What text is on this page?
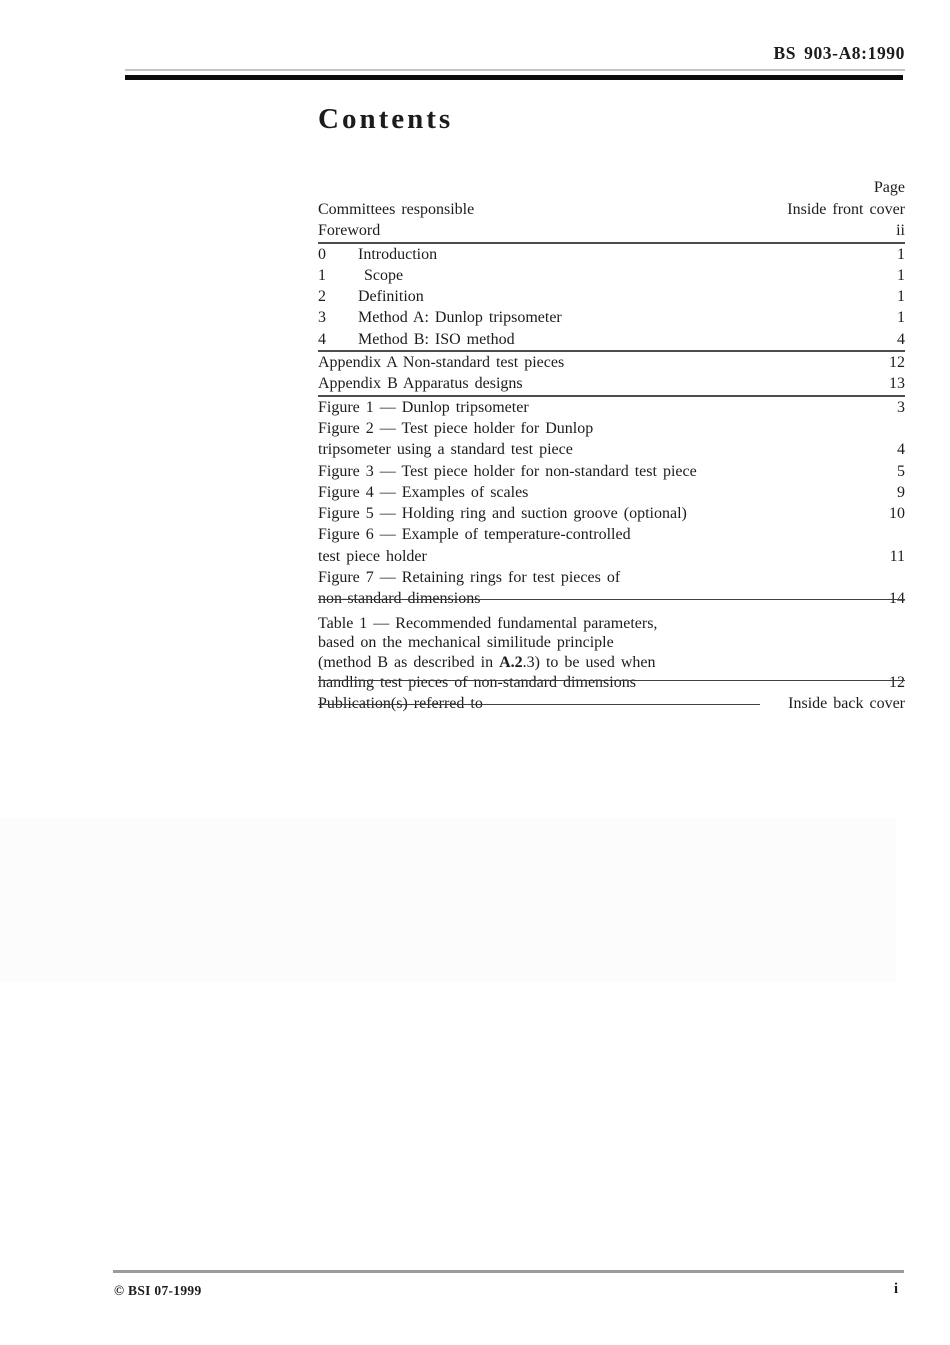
BS 903-A8:1990
Contents
Page
Committees responsible	Inside front cover
Foreword	ii
0 Introduction	1
1 Scope	1
2 Definition	1
3 Method A: Dunlop tripsometer	1
4 Method B: ISO method	4
Appendix A Non-standard test pieces	12
Appendix B Apparatus designs	13
Figure 1 — Dunlop tripsometer	3
Figure 2 — Test piece holder for Dunlop
tripsometer using a standard test piece	4
Figure 3 — Test piece holder for non-standard test piece	5
Figure 4 — Examples of scales	9
Figure 5 — Holding ring and suction groove (optional)	10
Figure 6 — Example of temperature-controlled
test piece holder	11
Figure 7 — Retaining rings for test pieces of
non-standard dimensions	14
Table 1 — Recommended fundamental parameters,
based on the mechanical similitude principle
(method B as described in A.2.3) to be used when
handling test pieces of non-standard dimensions	12
Publication(s) referred to	Inside back cover
© BSI 07-1999	i
